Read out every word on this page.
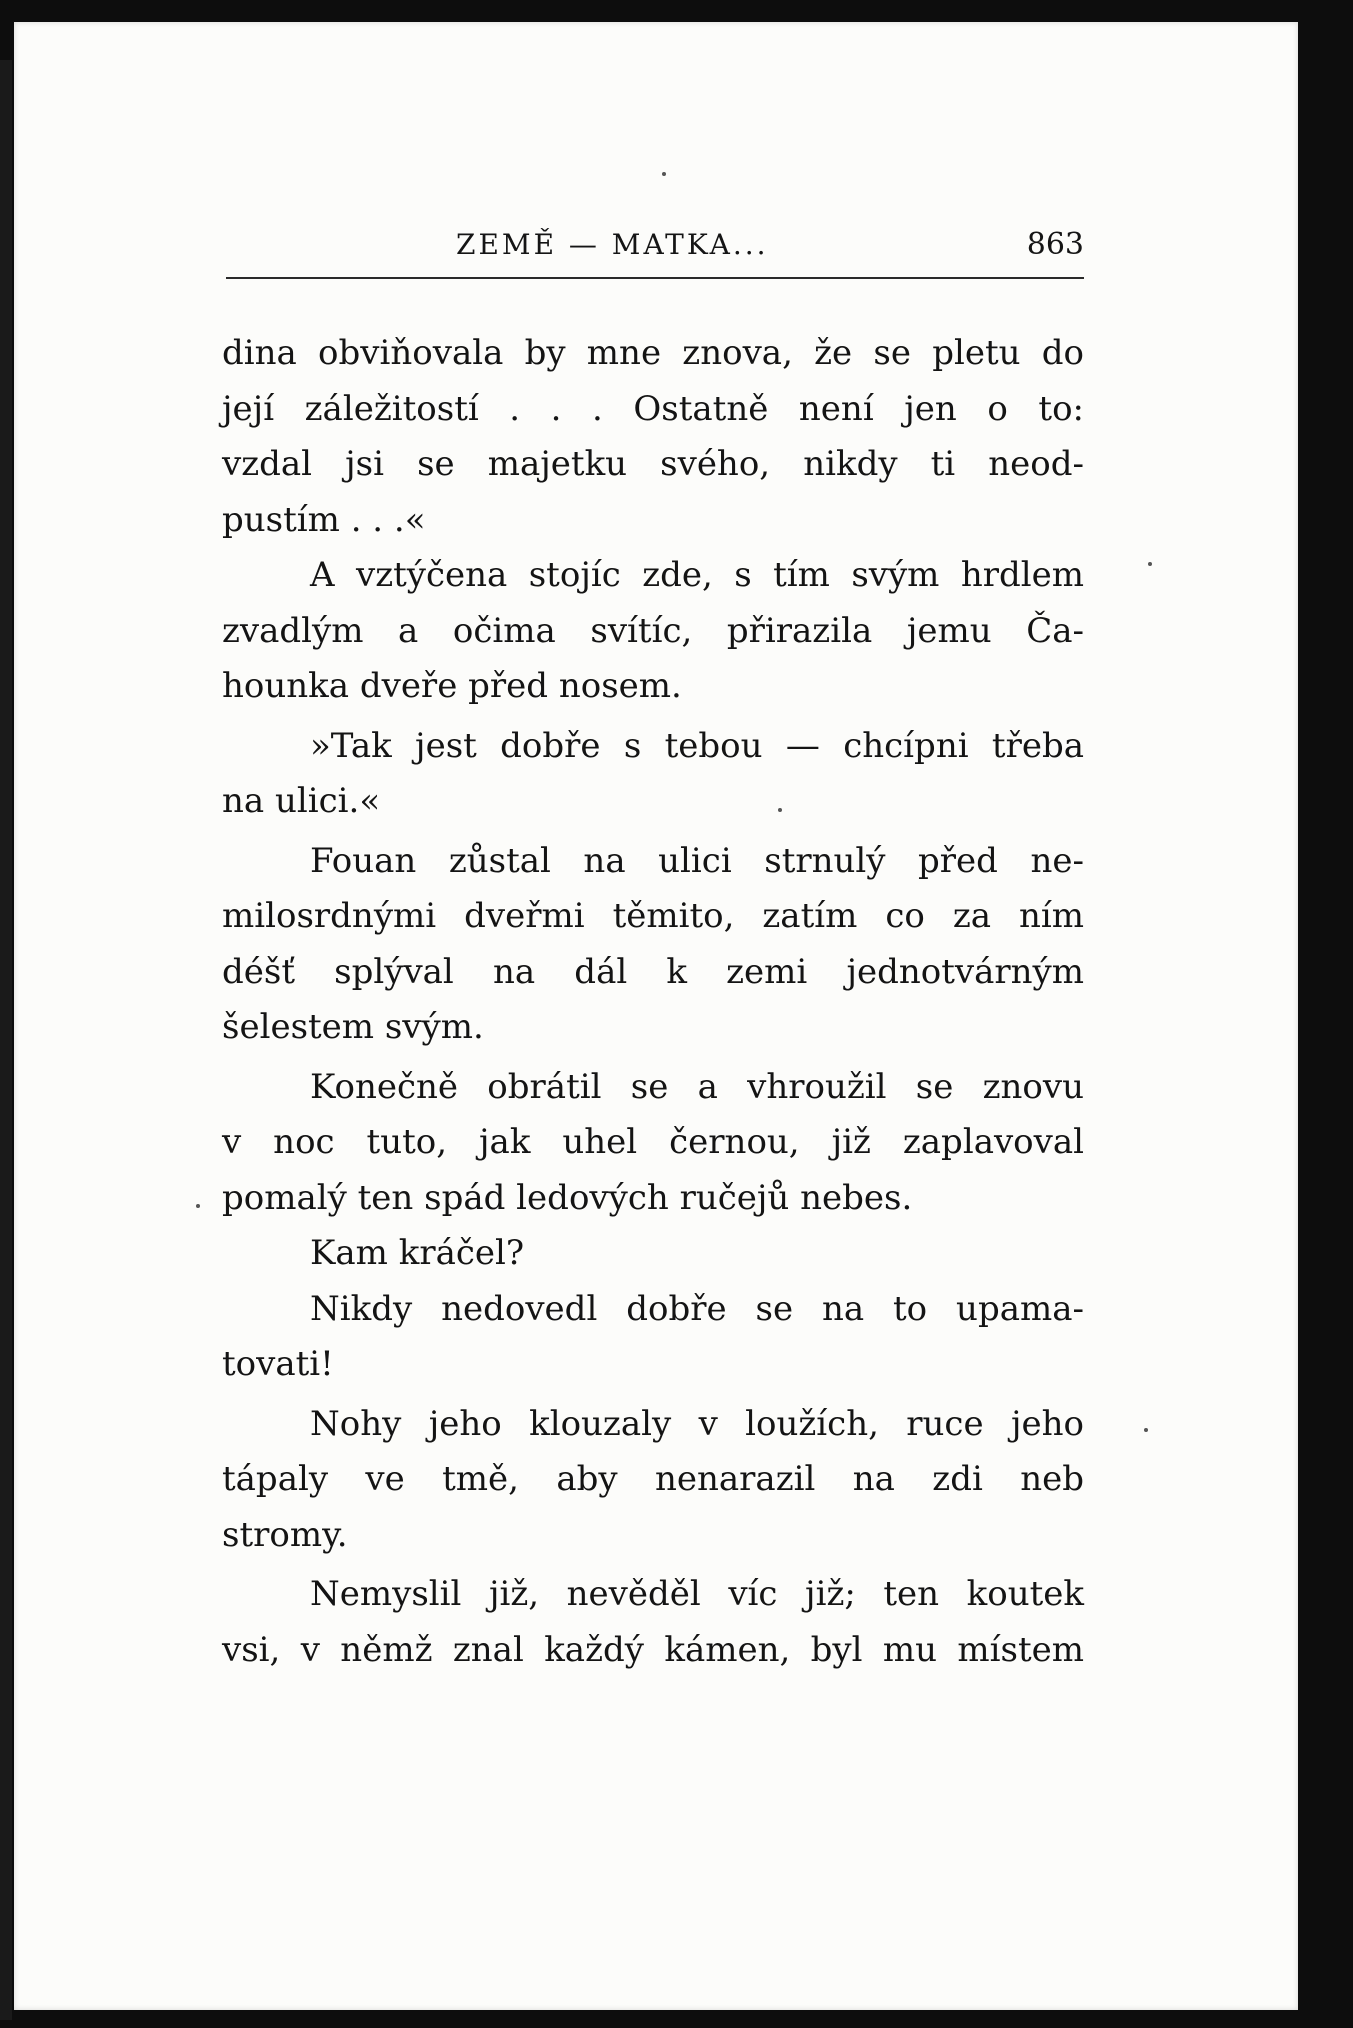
ZEMĚ — MATKA...	863
dina obviňovala by mne znova, že se pletu do
její záležitostí . . . Ostatně není jen o to:
vzdal jsi se majetku svého, nikdy ti neod-
pustím . . .«
A vztýčena stojíc zde, s tím svým hrdlem
zvadlým a očima svítíc, přirazila jemu Ča-
hounka dveře před nosem.
»Tak jest dobře s tebou — chcípni třeba
na ulici.«
Fouan zůstal na ulici strnulý před ne-
milosrdnými dveřmi těmito, zatím co za ním
déšť splýval na dál k zemi jednotvárným
šelestem svým.
Konečně obrátil se a vhroužil se znovu
v noc tuto, jak uhel černou, již zaplavoval
pomalý ten spád ledových ručejů nebes.
Kam kráčel?
Nikdy nedovedl dobře se na to upama-
tovati!
Nohy jeho klouzaly v loužích, ruce jeho
tápaly ve tmě, aby nenarazil na zdi neb
stromy.
Nemyslil již, nevěděl víc již; ten koutek
vsi, v němž znal každý kámen, byl mu místem
